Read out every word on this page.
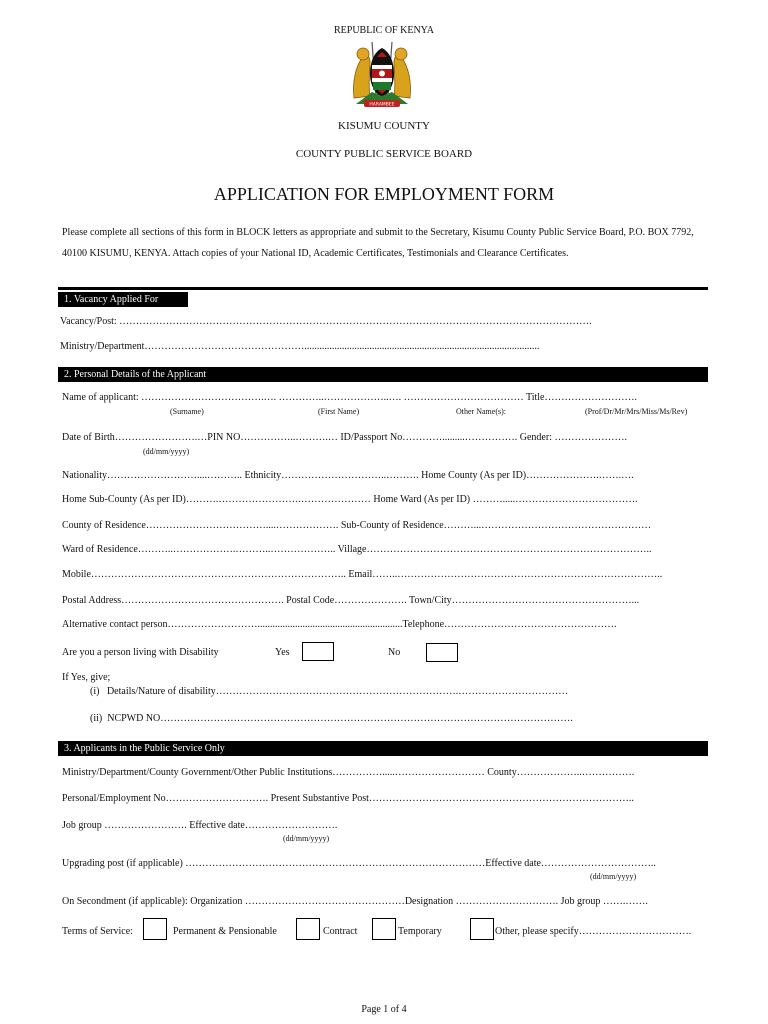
REPUBLIC OF KENYA
HARAMBEE
KISUMU COUNTY
COUNTY PUBLIC SERVICE BOARD
APPLICATION FOR EMPLOYMENT FORM
Please complete all sections of this form in BLOCK letters as appropriate and submit to the Secretary, Kisumu County Public Service Board, P.O. BOX 7792, 40100 KISUMU, KENYA. Attach copies of your National ID, Academic Certificates, Testimonials and Clearance Certificates.
1. Vacancy Applied For
Vacancy/Post: …………………………………………………………………………………………………………………………….
Ministry/Department…………………………………………..............................................................................................
2. Personal Details of the Applicant
Name of applicant: ……………………………….…. …………..………………..…. ……………………………… Title……………………….
(Surname)	(First Name)	Other Name(s):	(Prof/Dr/Mr/Mrs/Miss/Ms/Rev)
Date of Birth…………………….…PIN NO……………..……….… ID/Passport No………….........……………. Gender: ………………….
(dd/mm/yyyy)
Nationality………………………....……….. Ethnicity…………………………..………. Home County (As per ID)………………….…….….
Home Sub-County (As per ID)……….…………………….………………… Home Ward (As per ID) ……….....……………………………….
County of Residence………………………………....………………. Sub-County of Residence………...……………………………………………
Ward of Residence………..……………….………..……………….. Village…………………………………………………………………………..
Mobile………………………………………………………………….. Email……..……………………………………………………………………..
Postal Address…………………………………………. Postal Code…………………. Town/City………………………………………………...
Alternative contact person………………………..........................................................Telephone…………………………………………….
Are you a person living with Disability	Yes	No
If Yes, give;
(i)   Details/Nature of disability……………………………………………………………….……………………………
(ii)  NCPWD NO…………………………………………………………………………………………………………….
3. Applicants in the Public Service Only
Ministry/Department/County Government/Other Public Institutions…………….....……………………… County………………..…………….
Personal/Employment No…………………………. Present Substantive Post……………………………………………………………………..
Job group ……………………. Effective date……………………….
(dd/mm/yyyy)
Upgrading post (if applicable) ………………………………………………………………………………Effective date……………………………..
(dd/mm/yyyy)
On Secondment (if applicable): Organization …………………………………………Designation …………………………. Job group …….…….
Terms of Service:	Permanent & Pensionable	Contract	Temporary	Other, please specify…………………………….
Page 1 of 4
